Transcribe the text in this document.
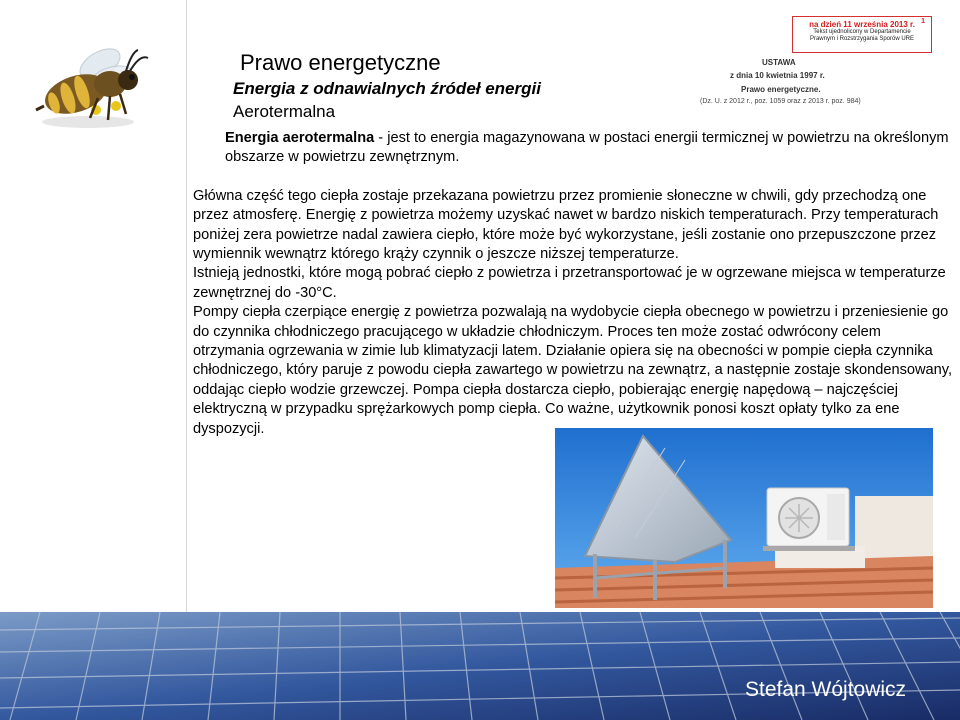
Prawo energetyczne
Energia z odnawialnych źródeł energii
Aerotermalna
1
na dzień 11 września 2013 r.
Tekst ujednolicony w Departamencie
Prawnym i Rozstrzygania Sporów URE
USTAWA
z dnia 10 kwietnia 1997 r.
Prawo energetyczne.
(Dz. U. z 2012 r., poz. 1059 oraz z 2013 r. poz. 984)

Energia aerotermalna - jest to energia magazynowana w postaci energii termicznej w powietrzu na określonym obszarze w powietrzu zewnętrznym.

Główna część tego ciepła zostaje przekazana powietrzu przez promienie słoneczne w chwili, gdy przechodzą one przez atmosferę. Energię z powietrza możemy uzyskać nawet w bardzo niskich temperaturach. Przy temperaturach poniżej zera powietrze nadal zawiera ciepło, które może być wykorzystane, jeśli zostanie ono przepuszczone przez wymiennik wewnątrz którego krąży czynnik o jeszcze niższej temperaturze.

Istnieją jednostki, które mogą pobrać ciepło z powietrza i przetransportować je w ogrzewane miejsca w temperaturze zewnętrznej do -30°C.

Pompy ciepła czerpiące energię z powietrza pozwalają na wydobycie ciepła obecnego w powietrzu i przeniesienie go do czynnika chłodniczego pracującego w układzie chłodniczym. Proces ten może zostać odwrócony celem otrzymania ogrzewania w zimie lub klimatyzacji latem. Działanie opiera się na obecności w pompie ciepła czynnika chłodniczego, który paruje z powodu ciepła zawartego w powietrzu na zewnątrz, a następnie zostaje skondensowany, oddając ciepło wodzie grzewczej. Pompa ciepła dostarcza ciepło, pobierając energię napędową – najczęściej elektryczną w przypadku sprężarkowych pomp ciepła. Co ważne, użytkownik ponosi koszt opłaty tylko za ene

dyspozycji.

Stefan Wójtowicz
